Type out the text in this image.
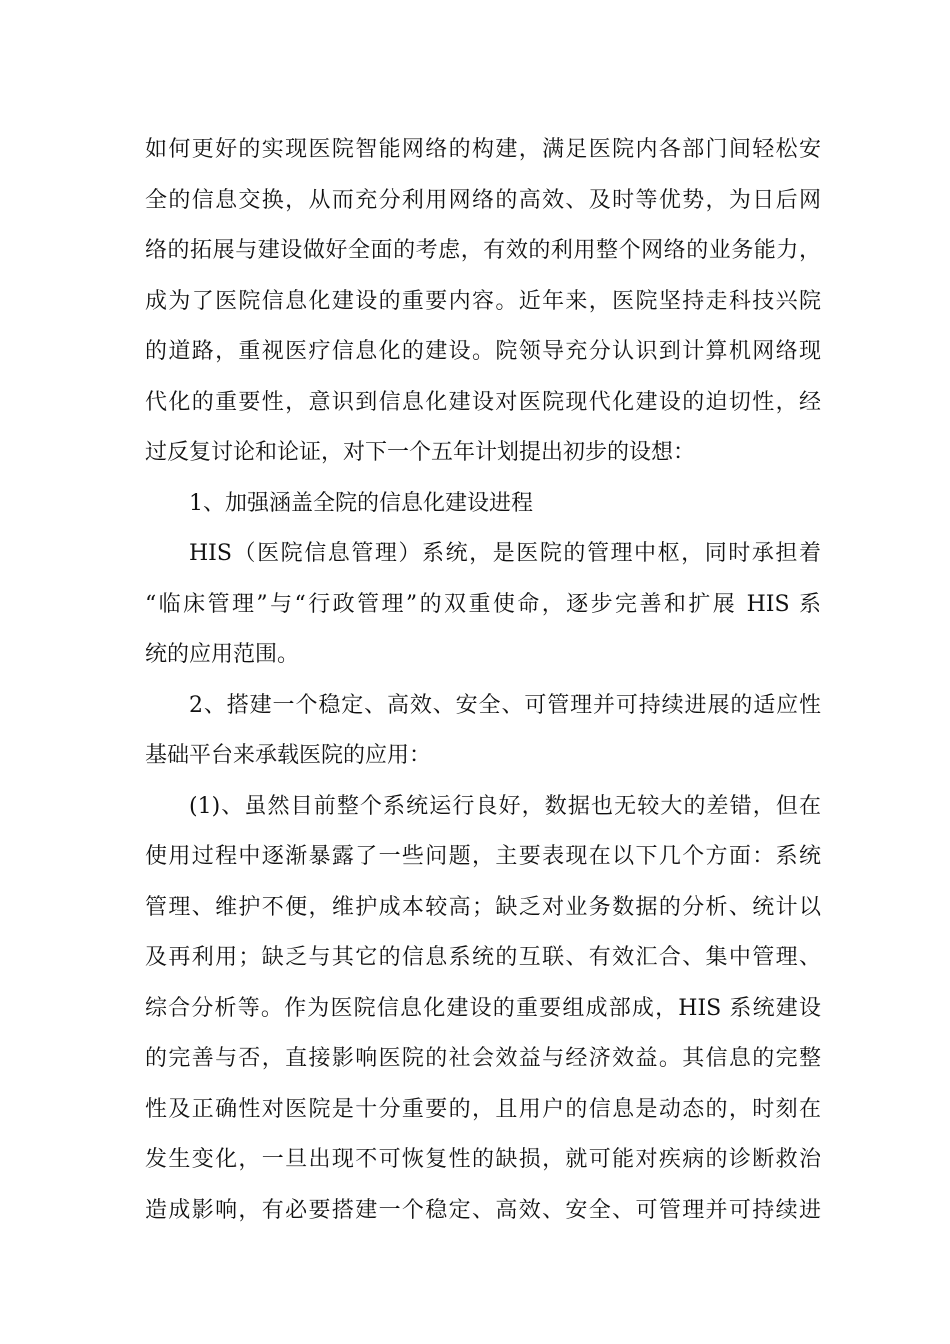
如何更好的实现医院智能网络的构建，满足医院内各部门间轻松安
全的信息交换，从而充分利用网络的高效、及时等优势，为日后网
络的拓展与建设做好全面的考虑，有效的利用整个网络的业务能力，
成为了医院信息化建设的重要内容。近年来，医院坚持走科技兴院
的道路，重视医疗信息化的建设。院领导充分认识到计算机网络现
代化的重要性，意识到信息化建设对医院现代化建设的迫切性，经
过反复讨论和论证，对下一个五年计划提出初步的设想：
1、加强涵盖全院的信息化建设进程
HIS（医院信息管理）系统，是医院的管理中枢，同时承担着
“临床管理”与“行政管理”的双重使命，逐步完善和扩展 HIS 系
统的应用范围。
2、搭建一个稳定、高效、安全、可管理并可持续进展的适应性
基础平台来承载医院的应用：
(1)、虽然目前整个系统运行良好，数据也无较大的差错，但在
使用过程中逐渐暴露了一些问题，主要表现在以下几个方面：系统
管理、维护不便，维护成本较高；缺乏对业务数据的分析、统计以
及再利用；缺乏与其它的信息系统的互联、有效汇合、集中管理、
综合分析等。作为医院信息化建设的重要组成部成，HIS 系统建设
的完善与否，直接影响医院的社会效益与经济效益。其信息的完整
性及正确性对医院是十分重要的，且用户的信息是动态的，时刻在
发生变化，一旦出现不可恢复性的缺损，就可能对疾病的诊断救治
造成影响，有必要搭建一个稳定、高效、安全、可管理并可持续进
